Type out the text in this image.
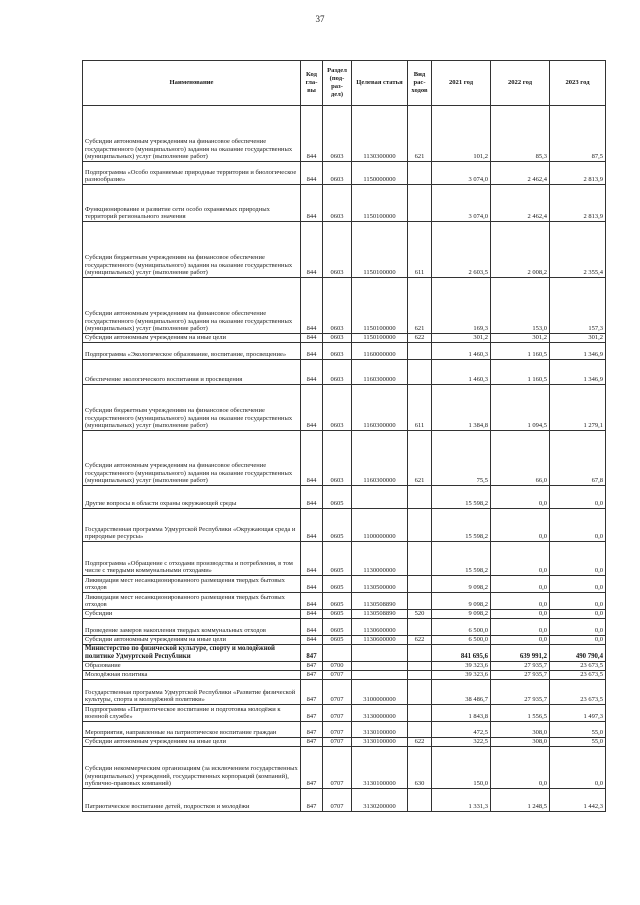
37
Наименование	Код гла- вы	Раздел (под- раз- дел)	Целевая статья	Вид рас- ходов	2021 год	2022 год	2023 год
Субсидии автономным учреждениям на финансовое обеспечение государственного (муниципального) задания на оказание государственных (муниципальных) услуг (выполнение работ)	844	0603	1130300000	621	101,2	85,3	87,5
Подпрограмма «Особо охраняемые природные территории и биологическое разнообразие»	844	0603	1150000000		3 074,0	2 462,4	2 813,9
Функционирование и развитие сети особо охраняемых природных территорий регионального значения	844	0603	1150100000		3 074,0	2 462,4	2 813,9
Субсидии бюджетным учреждениям на финансовое обеспечение государственного (муниципального) задания на оказание государственных (муниципальных) услуг (выполнение работ)	844	0603	1150100000	611	2 603,5	2 008,2	2 355,4
Субсидии автономным учреждениям на финансовое обеспечение государственного (муниципального) задания на оказание государственных (муниципальных) услуг (выполнение работ)	844	0603	1150100000	621	169,3	153,0	157,3
Субсидии автономным учреждениям на иные цели	844	0603	1150100000	622	301,2	301,2	301,2
Подпрограмма «Экологическое образование, воспитание, просвещение»	844	0603	1160000000		1 460,3	1 160,5	1 346,9
Обеспечение экологического воспитания и просвещения	844	0603	1160300000		1 460,3	1 160,5	1 346,9
Субсидии бюджетным учреждениям на финансовое обеспечение государственного (муниципального) задания на оказание государственных (муниципальных) услуг (выполнение работ)	844	0603	1160300000	611	1 384,8	1 094,5	1 279,1
Субсидии автономным учреждениям на финансовое обеспечение государственного (муниципального) задания на оказание государственных (муниципальных) услуг (выполнение работ)	844	0603	1160300000	621	75,5	66,0	67,8
Другие вопросы в области охраны окружающей среды	844	0605			15 598,2	0,0	0,0
Государственная программа Удмуртской Республики «Окружающая среда и природные ресурсы»	844	0605	1100000000		15 598,2	0,0	0,0
Подпрограмма «Обращение с отходами производства и потребления, в том числе с твердыми коммунальными отходами»	844	0605	1130000000		15 598,2	0,0	0,0
Ликвидация мест несанкционированного размещения твердых бытовых отходов	844	0605	1130500000		9 098,2	0,0	0,0
Ликвидация мест несанкционированного размещения твердых бытовых отходов	844	0605	1130508890		9 098,2	0,0	0,0
Субсидии	844	0605	1130508890	520	9 098,2	0,0	0,0
Проведение замеров накопления твердых коммунальных отходов	844	0605	1130600000		6 500,0	0,0	0,0
Субсидии автономным учреждениям на иные цели	844	0605	1130600000	622	6 500,0	0,0	0,0
Министерство по физической культуре, спорту и молодёжной политике Удмуртской Республики	847				841 695,6	639 991,2	490 790,4
Образование	847	0700			39 323,6	27 935,7	23 673,5
Молодёжная политика	847	0707			39 323,6	27 935,7	23 673,5
Государственная программа Удмуртской Республики «Развитие физической культуры, спорта и молодёжной политики»	847	0707	3100000000		38 486,7	27 935,7	23 673,5
Подпрограмма «Патриотическое воспитание и подготовка молодёжи к военной службе»	847	0707	3130000000		1 843,8	1 556,5	1 497,3
Мероприятия, направленные на патриотическое воспитание граждан	847	0707	3130100000		472,5	308,0	55,0
Субсидии автономным учреждениям на иные цели	847	0707	3130100000	622	322,5	308,0	55,0
Субсидии некоммерческим организациям (за исключением государственных (муниципальных) учреждений, государственных корпораций (компаний), публично-правовых компаний)	847	0707	3130100000	630	150,0	0,0	0,0
Патриотическое воспитание детей, подростков и молодёжи	847	0707	3130200000		1 331,3	1 248,5	1 442,3
